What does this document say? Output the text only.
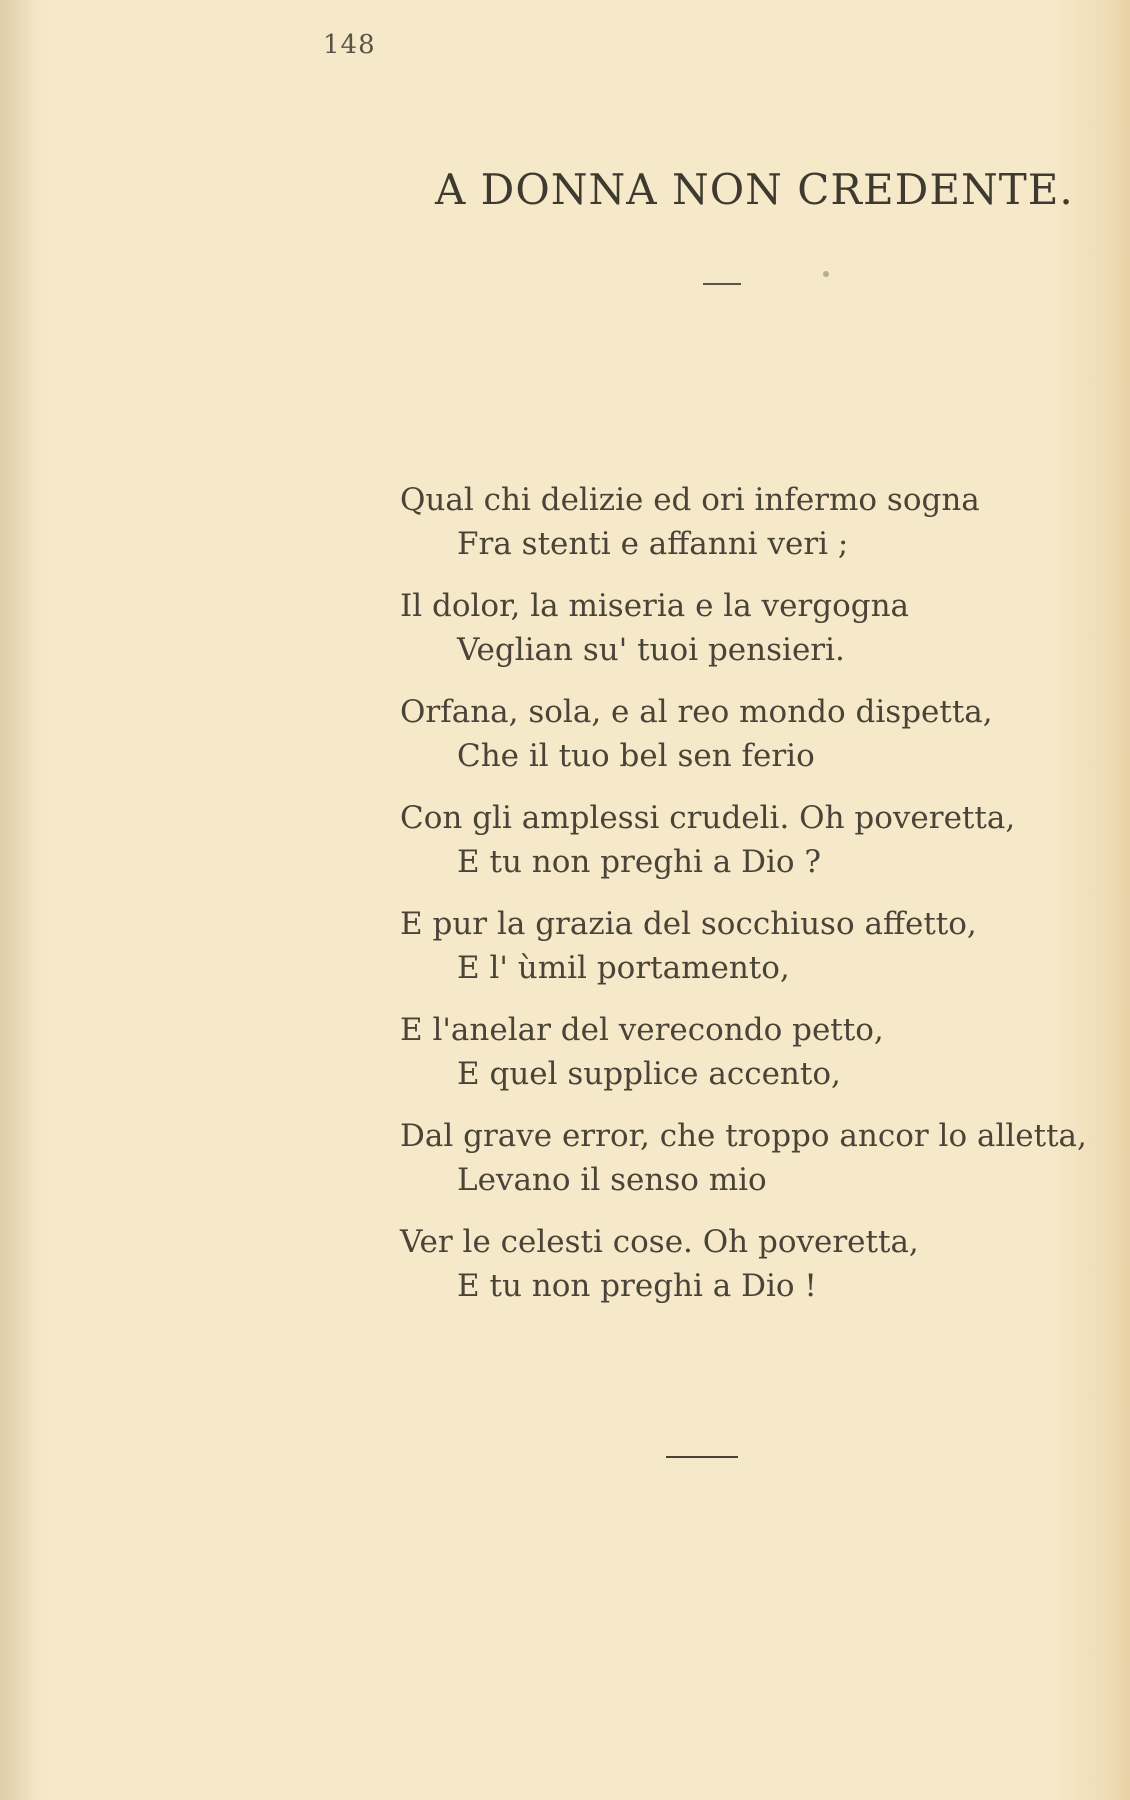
148
A DONNA NON CREDENTE.
Qual chi delizie ed ori infermo sogna
Fra stenti e affanni veri ;
Il dolor, la miseria e la vergogna
Veglian su' tuoi pensieri.
Orfana, sola, e al reo mondo dispetta,
Che il tuo bel sen ferio
Con gli amplessi crudeli. Oh poveretta,
E tu non preghi a Dio ?
E pur la grazia del socchiuso affetto,
E l' ùmil portamento,
E l'anelar del verecondo petto,
E quel supplice accento,
Dal grave error, che troppo ancor lo alletta,
Levano il senso mio
Ver le celesti cose. Oh poveretta,
E tu non preghi a Dio !
